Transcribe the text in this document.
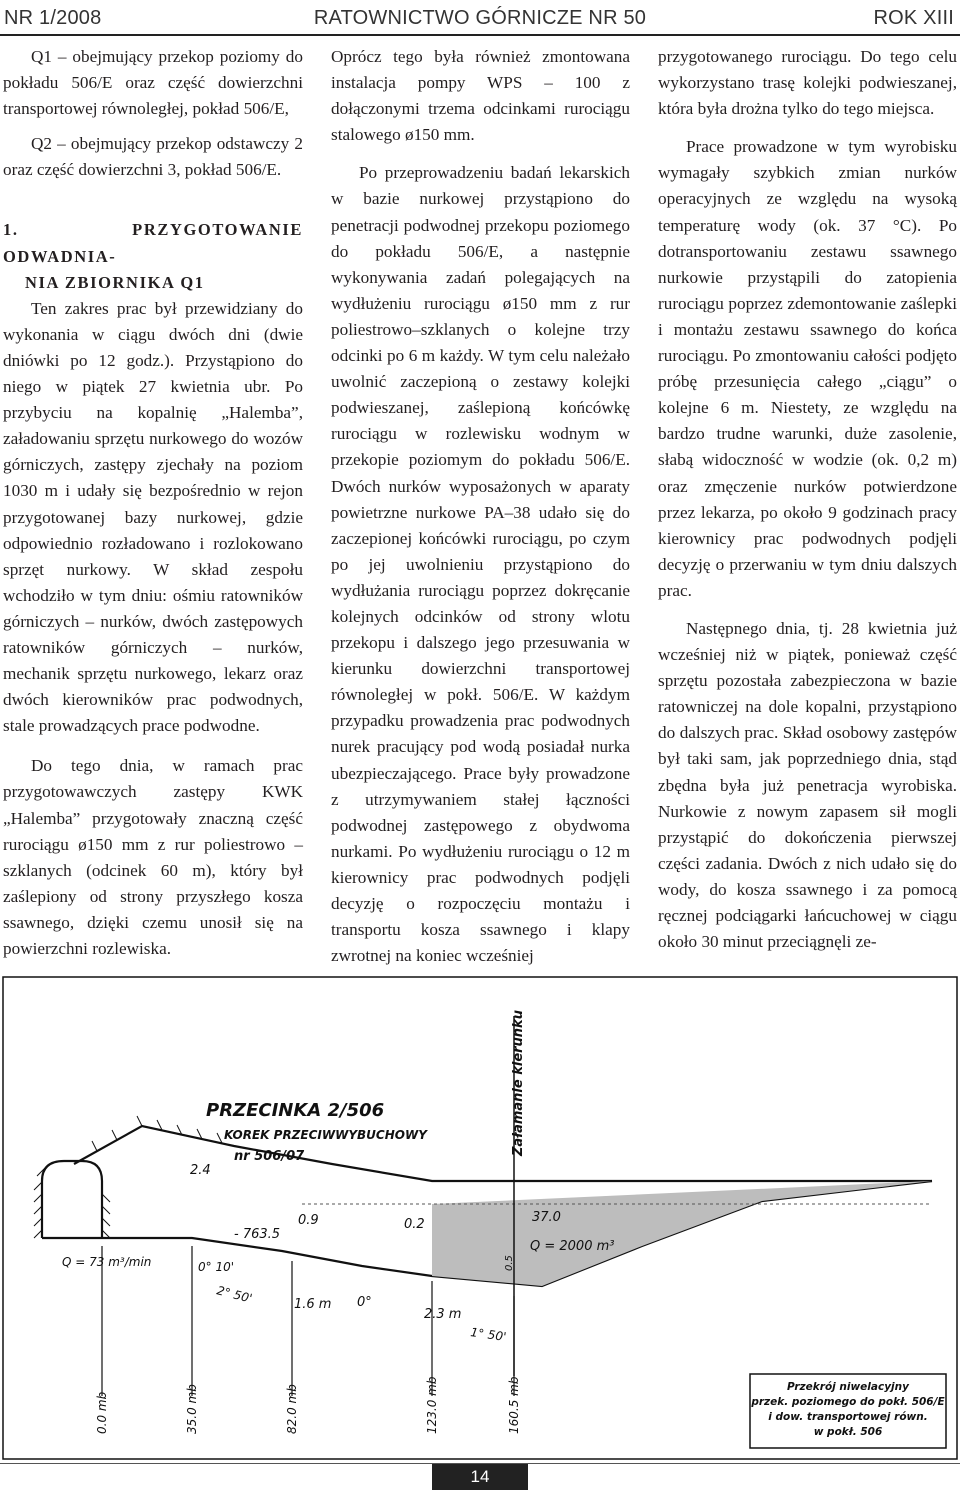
NR 1/2008	RATOWNICTWO GÓRNICZE NR 50	ROK XIII

Q1 – obejmujący przekop poziomy do pokładu 506/E oraz część dowierzchni transportowej równoległej, pokład 506/E,

Q2 – obejmujący przekop odstawczy 2 oraz część dowierzchni 3, pokład 506/E.

1. PRZYGOTOWANIE ODWADNIA-
NIA ZBIORNIKA Q1

Ten zakres prac był przewidziany do wykonania w ciągu dwóch dni (dwie dniówki po 12 godz.). Przystąpiono do niego w piątek 27 kwietnia ubr. Po przybyciu na kopalnię „Halemba”, załadowaniu sprzętu nurkowego do wozów górniczych, zastępy zjechały na poziom 1030 m i udały się bezpośrednio w rejon przygotowanej bazy nurkowej, gdzie odpowiednio rozładowano i rozlokowano sprzęt nurkowy. W skład zespołu wchodziło w tym dniu: ośmiu ratowników górniczych – nurków, dwóch zastępowych ratowników górniczych – nurków, mechanik sprzętu nurkowego, lekarz oraz dwóch kierowników prac podwodnych, stale prowadzących prace podwodne.

Do tego dnia, w ramach prac przygotowawczych zastępy KWK „Halemba” przygotowały znaczną część rurociągu ø150 mm z rur poliestrowo – szklanych (odcinek 60 m), który był zaślepiony od strony przyszłego kosza ssawnego, dzięki czemu unosił się na powierzchni rozlewiska.

Oprócz tego była również zmontowana instalacja pompy WPS – 100 z dołączonymi trzema odcinkami rurociągu stalowego ø150 mm.

Po przeprowadzeniu badań lekarskich w bazie nurkowej przystąpiono do penetracji podwodnej przekopu poziomego do pokładu 506/E, a następnie wykonywania zadań polegających na wydłużeniu rurociągu ø150 mm z rur poliestrowo–szklanych o kolejne trzy odcinki po 6 m każdy. W tym celu należało uwolnić zaczepioną o zestawy kolejki podwieszanej, zaślepioną końcówkę rurociągu w rozlewisku wodnym w przekopie poziomym do pokładu 506/E. Dwóch nurków wyposażonych w aparaty powietrzne nurkowe PA–38 udało się do zaczepionej końcówki rurociągu, po czym po jej uwolnieniu przystąpiono do wydłużania rurociągu poprzez dokręcanie kolejnych odcinków od strony wlotu przekopu i dalszego jego przesuwania w kierunku dowierzchni transportowej równoległej w pokł. 506/E. W każdym przypadku prowadzenia prac podwodnych nurek pracujący pod wodą posiadał nurka ubezpieczającego. Prace były prowadzone z utrzymywaniem stałej łączności podwodnej zastępowego z obydwoma nurkami. Po wydłużeniu rurociągu o 12 m kierownicy prac podwodnych podjęli decyzję o rozpoczęciu montażu i transportu kosza ssawnego i klapy zwrotnej na koniec wcześniej

przygotowanego rurociągu. Do tego celu wykorzystano trasę kolejki podwieszanej, która była drożna tylko do tego miejsca.

Prace prowadzone w tym wyrobisku wymagały szybkich zmian nurków operacyjnych ze względu na wysoką temperaturę wody (ok. 37 °C). Po dotransportowaniu zestawu ssawnego nurkowie przystąpili do zatopienia rurociągu poprzez zdemontowanie zaślepki i montażu zestawu ssawnego do końca rurociągu. Po zmontowaniu całości podjęto próbę przesunięcia całego „ciągu” o kolejne 6 m. Niestety, ze względu na bardzo trudne warunki, duże zasolenie, słabą widoczność w wodzie (ok. 0,2 m) oraz zmęczenie nurków potwierdzone przez lekarza, po około 9 godzinach pracy kierownicy prac podwodnych podjęli decyzję o przerwaniu w tym dniu dalszych prac.

Następnego dnia, tj. 28 kwietnia już wcześniej niż w piątek, ponieważ część sprzętu pozostała zabezpieczona w bazie ratowniczej na dole kopalni, przystąpiono do dalszych prac. Skład osobowy zastępów był taki sam, jak poprzedniego dnia, stąd zbędna była już penetracja wyrobiska. Nurkowie z nowym zapasem sił mogli przystąpić do dokończenia pierwszej części zadania. Dwóch z nich udało się do wody, do kosza ssawnego i za pomocą ręcznej podciągarki łańcuchowej w ciągu około 30 minut przeciągnęli ze-

PRZECINKA 2/506
KOREK PRZECIWWYBUCHOWY
nr 506/07
Załamanie kierunku
2.4
0.9	0.2	37.0
- 763.5
Q = 73 m³/min
Q = 2000 m³
0.5
0° 10'
2° 50'	1.6 m 0°
2.3 m
1° 50'
0.0 mb	35.0 mb	82.0 mb	123.0 mb	160.5 mb	Przekrój niwelacyjny
przek. poziomego do pokł. 506/E
i dow. transportowej równ.
w pokł. 506
14
